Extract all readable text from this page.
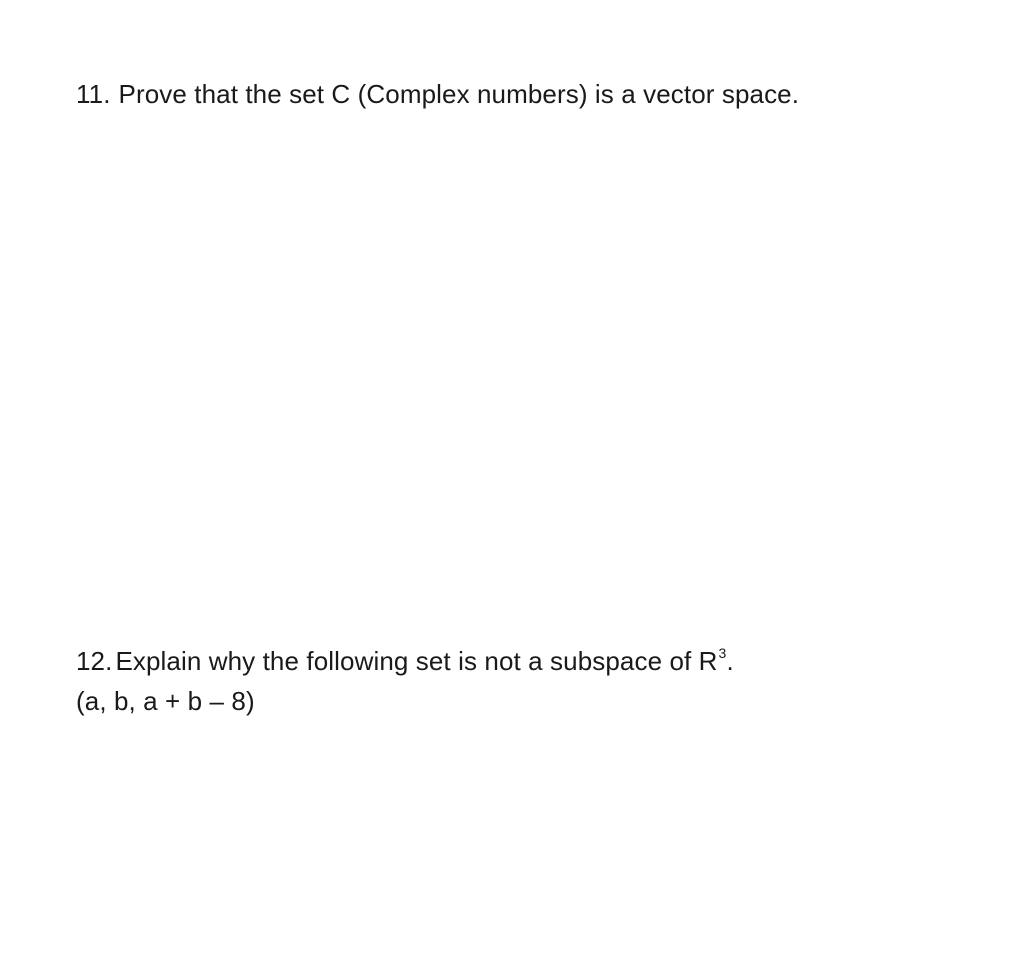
11. Prove that the set C (Complex numbers) is a vector space.
12. Explain why the following set is not a subspace of $R^3$.
(a, b, a + b – 8)
